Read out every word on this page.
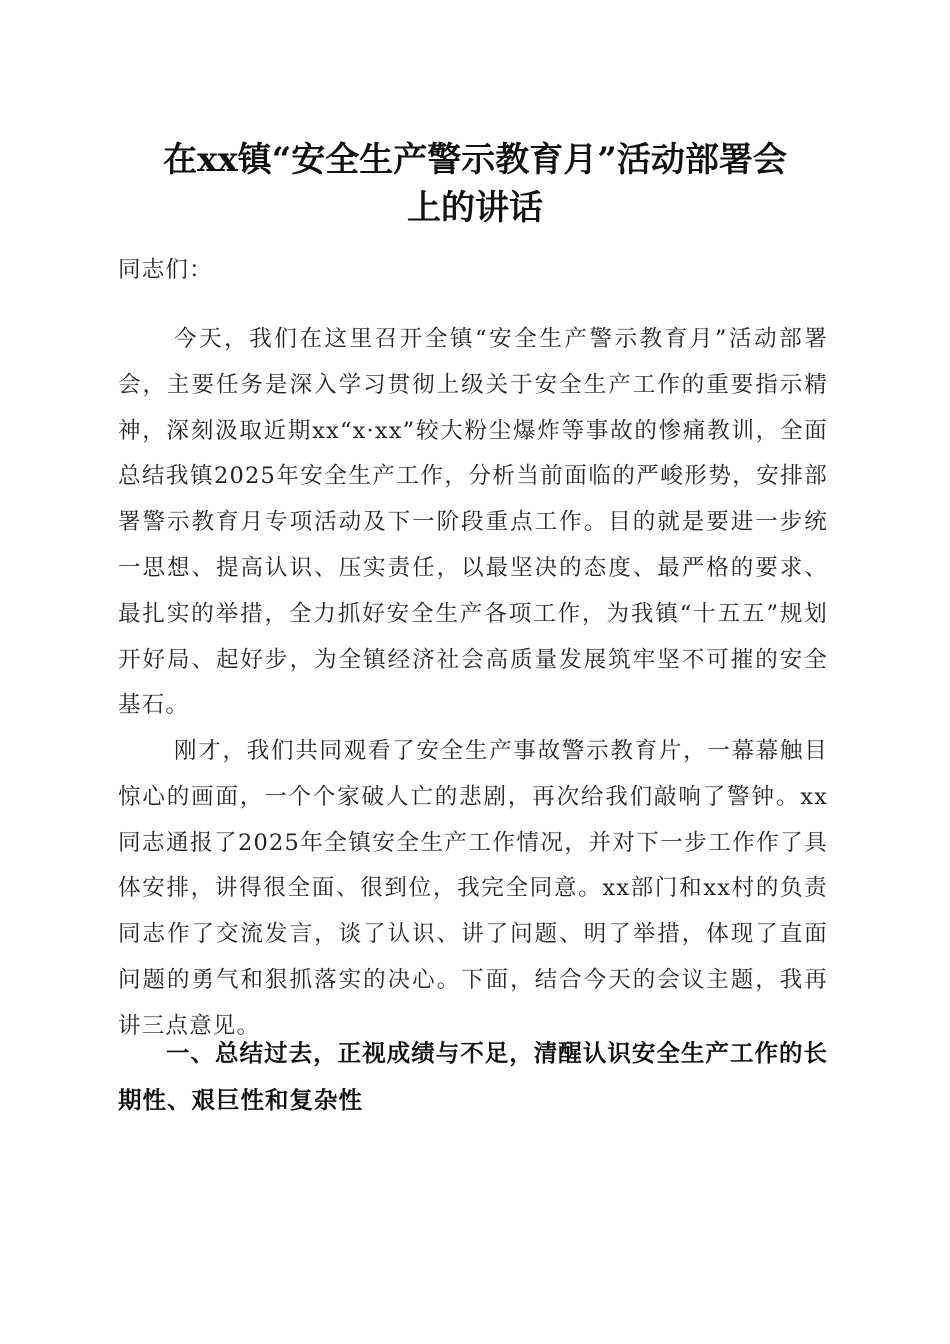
在xx镇“安全生产警示教育月”活动部署会
上的讲话

同志们：

今天，我们在这里召开全镇“安全生产警示教育月”活动部署会，主要任务是深入学习贯彻上级关于安全生产工作的重要指示精神，深刻汲取近期xx“x·xx”较大粉尘爆炸等事故的惨痛教训，全面总结我镇2025年安全生产工作，分析当前面临的严峻形势，安排部署警示教育月专项活动及下一阶段重点工作。目的就是要进一步统一思想、提高认识、压实责任，以最坚决的态度、最严格的要求、最扎实的举措，全力抓好安全生产各项工作，为我镇“十五五”规划开好局、起好步，为全镇经济社会高质量发展筑牢坚不可摧的安全基石。

刚才，我们共同观看了安全生产事故警示教育片，一幕幕触目惊心的画面，一个个家破人亡的悲剧，再次给我们敲响了警钟。xx同志通报了2025年全镇安全生产工作情况，并对下一步工作作了具体安排，讲得很全面、很到位，我完全同意。xx部门和xx村的负责同志作了交流发言，谈了认识、讲了问题、明了举措，体现了直面问题的勇气和狠抓落实的决心。下面，结合今天的会议主题，我再讲三点意见。

一、总结过去，正视成绩与不足，清醒认识安全生产工作的长期性、艰巨性和复杂性
